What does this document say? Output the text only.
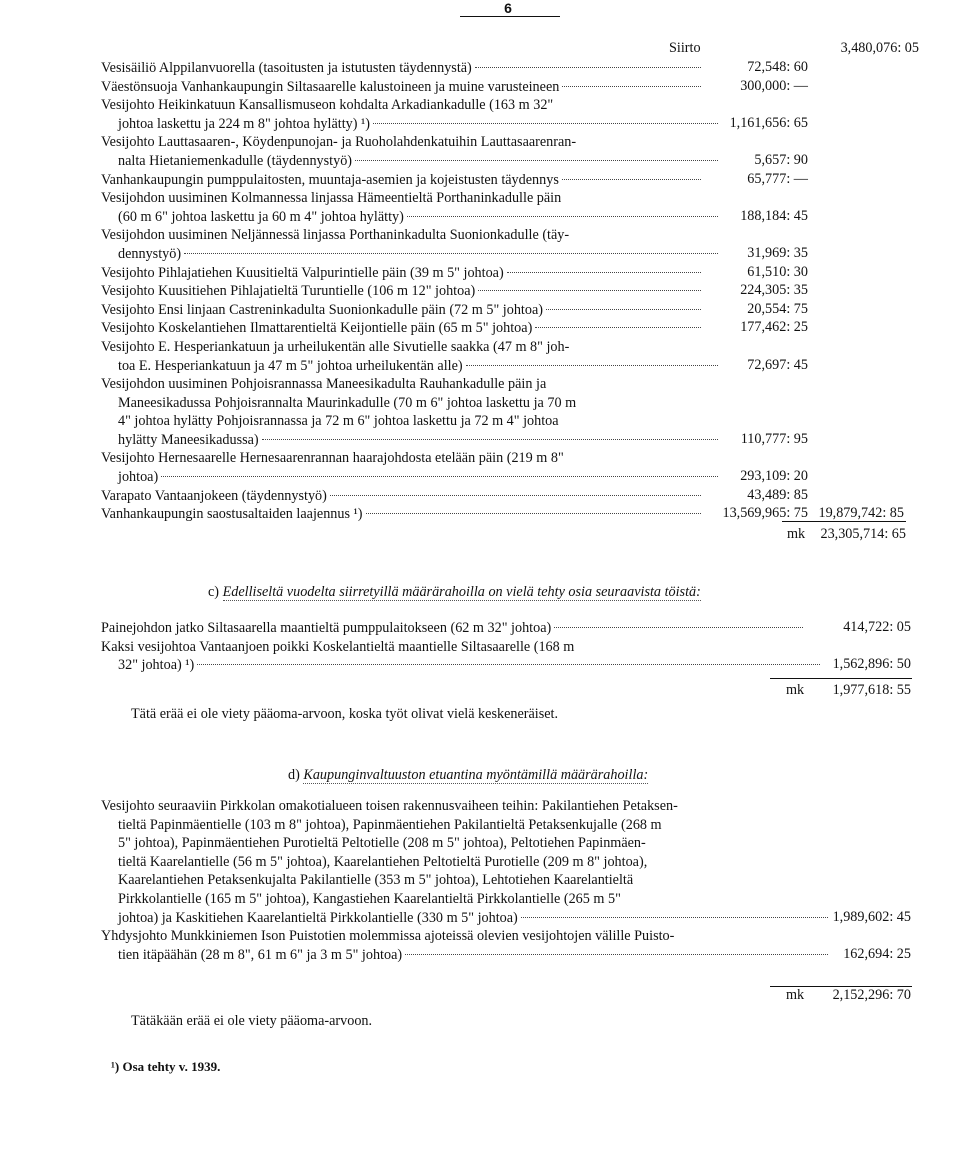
6
Siirto	3,480,076: 05
Vesisäiliö Alppilanvuorella (tasoitusten ja istutusten täydennystä)	72,548: 60
Väestönsuoja Vanhankaupungin Siltasaarelle kalustoineen ja muine varusteineen	300,000: —
Vesijohto Heikinkatuun Kansallismuseon kohdalta Arkadiankadulle (163 m 32"
johtoa laskettu ja 224 m 8" johtoa hylätty) ¹)	1,161,656: 65
Vesijohto Lauttasaaren-, Köydenpunojan- ja Ruoholahdenkatuihin Lauttasaarenran-
nalta Hietaniemenkadulle (täydennystyö)	5,657: 90
Vanhankaupungin pumppulaitosten, muuntaja-asemien ja kojeistusten täydennys	65,777: —
Vesijohdon uusiminen Kolmannessa linjassa Hämeentieltä Porthaninkadulle päin
(60 m 6" johtoa laskettu ja 60 m 4" johtoa hylätty)	188,184: 45
Vesijohdon uusiminen Neljännessä linjassa Porthaninkadulta Suonionkadulle (täy-
dennystyö)	31,969: 35
Vesijohto Pihlajatiehen Kuusitieltä Valpurintielle päin (39 m 5" johtoa)	61,510: 30
Vesijohto Kuusitiehen Pihlajatieltä Turuntielle (106 m 12" johtoa)	224,305: 35
Vesijohto Ensi linjaan Castreninkadulta Suonionkadulle päin (72 m 5" johtoa)	20,554: 75
Vesijohto Koskelantiehen Ilmattarentieltä Keijontielle päin (65 m 5" johtoa)	177,462: 25
Vesijohto E. Hesperiankatuun ja urheilukentän alle Sivutielle saakka (47 m 8" joh-
toa E. Hesperiankatuun ja 47 m 5" johtoa urheilukentän alle)	72,697: 45
Vesijohdon uusiminen Pohjoisrannassa Maneesikadulta Rauhankadulle päin ja
Maneesikadussa Pohjoisrannalta Maurinkadulle (70 m 6" johtoa laskettu ja 70 m
4" johtoa hylätty Pohjoisrannassa ja 72 m 6" johtoa laskettu ja 72 m 4" johtoa
hylätty Maneesikadussa)	110,777: 95
Vesijohto Hernesaarelle Hernesaarenrannan haarajohdosta etelään päin (219 m 8"
johtoa)	293,109: 20
Varapato Vantaanjokeen (täydennystyö)	43,489: 85
Vanhankaupungin saostusaltaiden laajennus ¹)	13,569,965: 75 19,879,742: 85
mk 23,305,714: 65
c) Edelliseltä vuodelta siirretyillä määrärahoilla on vielä tehty osia seuraavista töistä:
Painejohdon jatko Siltasaarella maantieltä pumppulaitokseen (62 m 32" johtoa)	414,722: 05
Kaksi vesijohtoa Vantaanjoen poikki Koskelantieltä maantielle Siltasaarelle (168 m
32" johtoa) ¹)	1,562,896: 50
mk 1,977,618: 55
Tätä erää ei ole viety pääoma-arvoon, koska työt olivat vielä keskeneräiset.
d) Kaupunginvaltuuston etuantina myöntämillä määrärahoilla:
Vesijohto seuraaviin Pirkkolan omakotialueen toisen rakennusvaiheen teihin: Pakilantiehen Petaksen-
tieltä Papinmäentielle (103 m 8" johtoa), Papinmäentiehen Pakilantieltä Petaksenkujalle (268 m
5" johtoa), Papinmäentiehen Purotieltä Peltotielle (208 m 5" johtoa), Peltotiehen Papinmäen-
tieltä Kaarelantielle (56 m 5" johtoa), Kaarelantiehen Peltotieltä Purotielle (209 m 8" johtoa),
Kaarelantiehen Petaksenkujalta Pakilantielle (353 m 5" johtoa), Lehtotiehen Kaarelantieltä
Pirkkolantielle (165 m 5" johtoa), Kangastiehen Kaarelantieltä Pirkkolantielle (265 m 5"
johtoa) ja Kaskitiehen Kaarelantieltä Pirkkolantielle (330 m 5" johtoa)	1,989,602: 45
Yhdysjohto Munkkiniemen Ison Puistotien molemmissa ajoteissä olevien vesijohtojen välille Puisto-
tien itäpäähän (28 m 8", 61 m 6" ja 3 m 5" johtoa)	162,694: 25
mk 2,152,296: 70
Tätäkään erää ei ole viety pääoma-arvoon.
¹) Osa tehty v. 1939.
